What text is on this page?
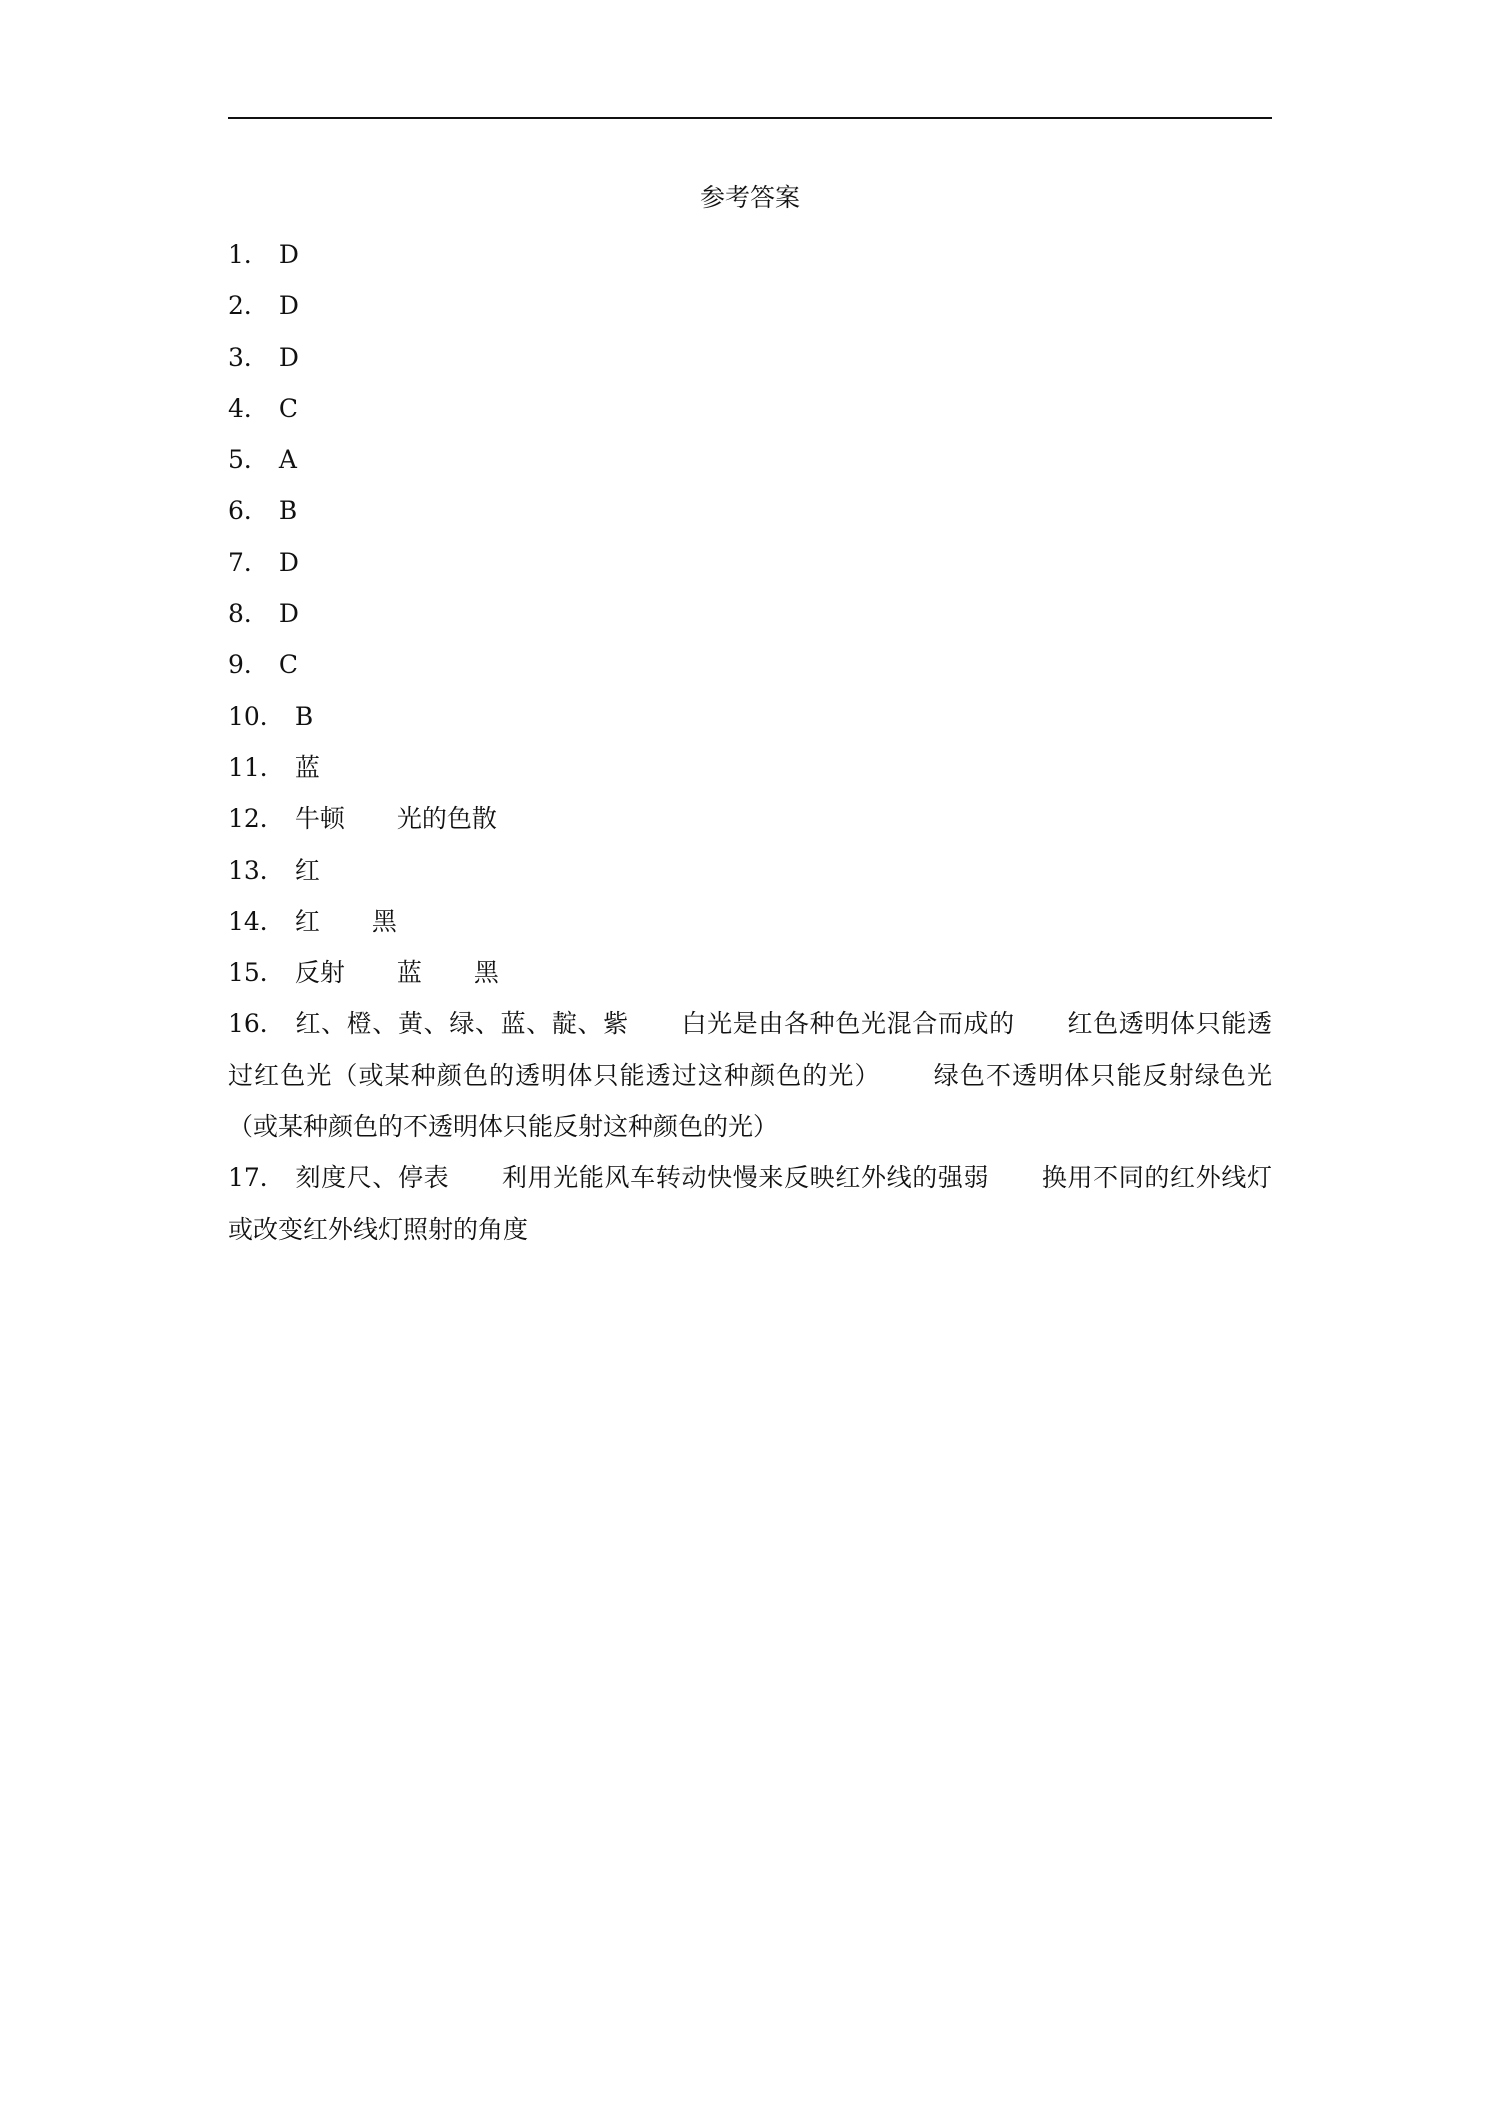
参考答案
1． D
2． D
3． D
4． C
5． A
6． B
7． D
8． D
9． C
10． B
11． 蓝
12． 牛顿 光的色散
13． 红
14． 红 黑
15． 反射 蓝 黑
16． 红、橙、黄、绿、蓝、靛、紫 白光是由各种色光混合而成的 红色透明体只能透过红色光（或某种颜色的透明体只能透过这种颜色的光） 绿色不透明体只能反射绿色光（或某种颜色的不透明体只能反射这种颜色的光）
17． 刻度尺、停表 利用光能风车转动快慢来反映红外线的强弱 换用不同的红外线灯或改变红外线灯照射的角度
